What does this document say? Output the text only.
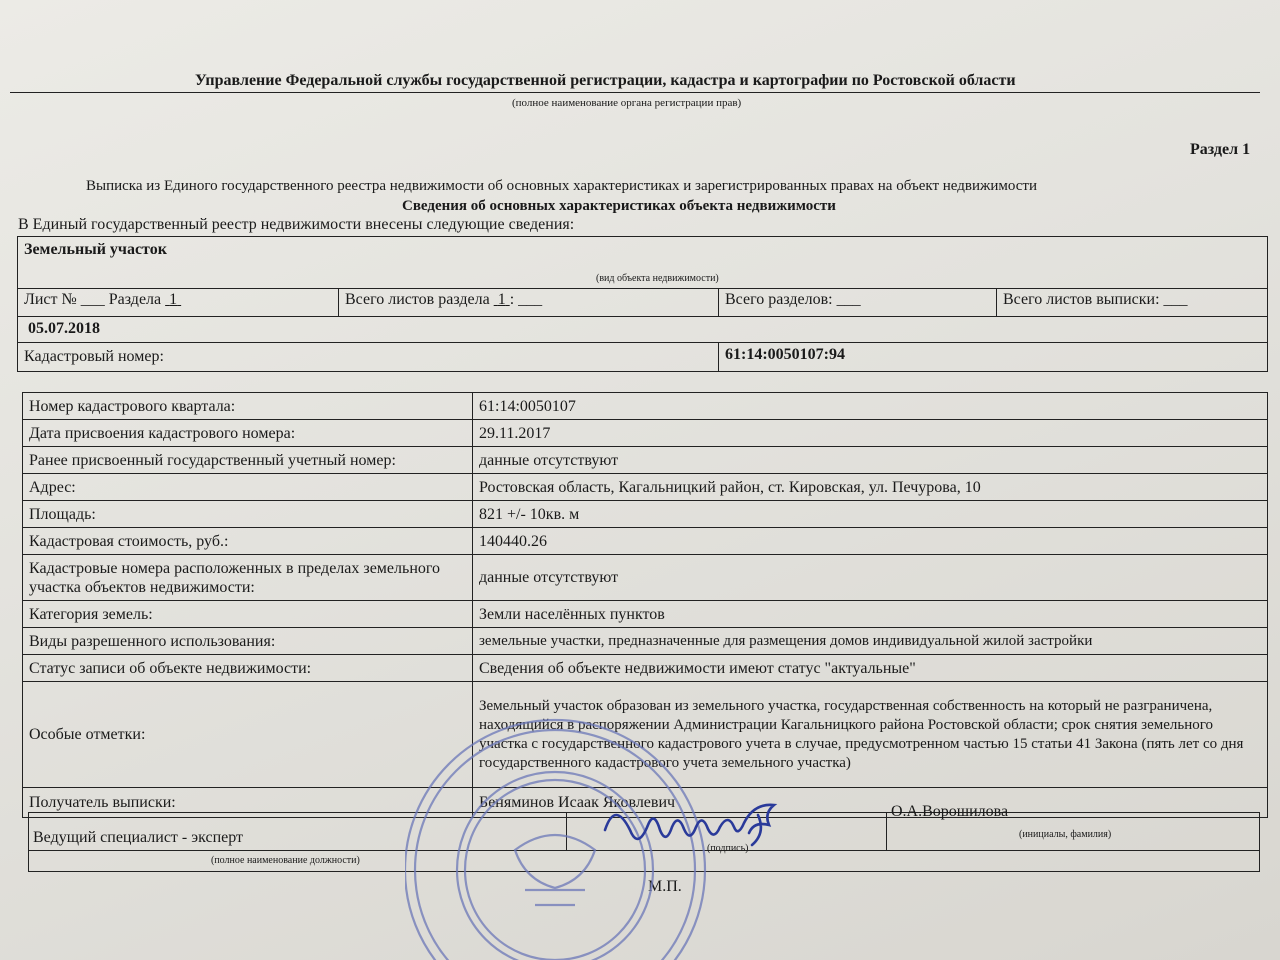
Управление Федеральной службы государственной регистрации, кадастра и картографии по Ростовской области
(полное наименование органа регистрации прав)
Раздел 1
Выписка из Единого государственного реестра недвижимости об основных характеристиках и зарегистрированных правах на объект недвижимости
Сведения об основных характеристиках объекта недвижимости
В Единый государственный реестр недвижимости внесены следующие сведения:
Земельный участок
(вид объекта недвижимости)
Лист № ___ Раздела 1	Всего листов раздела 1 : ___	Всего разделов: ___	Всего листов выписки: ___
05.07.2018
Кадастровый номер:	61:14:0050107:94
Номер кадастрового квартала:	61:14:0050107
Дата присвоения кадастрового номера:	29.11.2017
Ранее присвоенный государственный учетный номер:	данные отсутствуют
Адрес:	Ростовская область, Кагальницкий район, ст. Кировская, ул. Печурова, 10
Площадь:	821 +/- 10кв. м
Кадастровая стоимость, руб.:	140440.26
Кадастровые номера расположенных в пределах земельного участка объектов недвижимости:	данные отсутствуют
Категория земель:	Земли населённых пунктов
Виды разрешенного использования:	земельные участки, предназначенные для размещения домов индивидуальной жилой застройки
Статус записи об объекте недвижимости:	Сведения об объекте недвижимости имеют статус "актуальные"
Особые отметки:	Земельный участок образован из земельного участка, государственная собственность на который не разграничена, находящийся в распоряжении Администрации Кагальницкого района Ростовской области; срок снятия земельного участка с государственного кадастрового учета в случае, предусмотренном частью 15 статьи 41 Закона (пять лет со дня государственного кадастрового учета земельного участка)
Получатель выписки:	Беняминов Исаак Яковлевич
Ведущий специалист - эксперт
О.А.Ворошилова
(полное наименование должности)
(подпись)
(инициалы, фамилия)
М.П.
